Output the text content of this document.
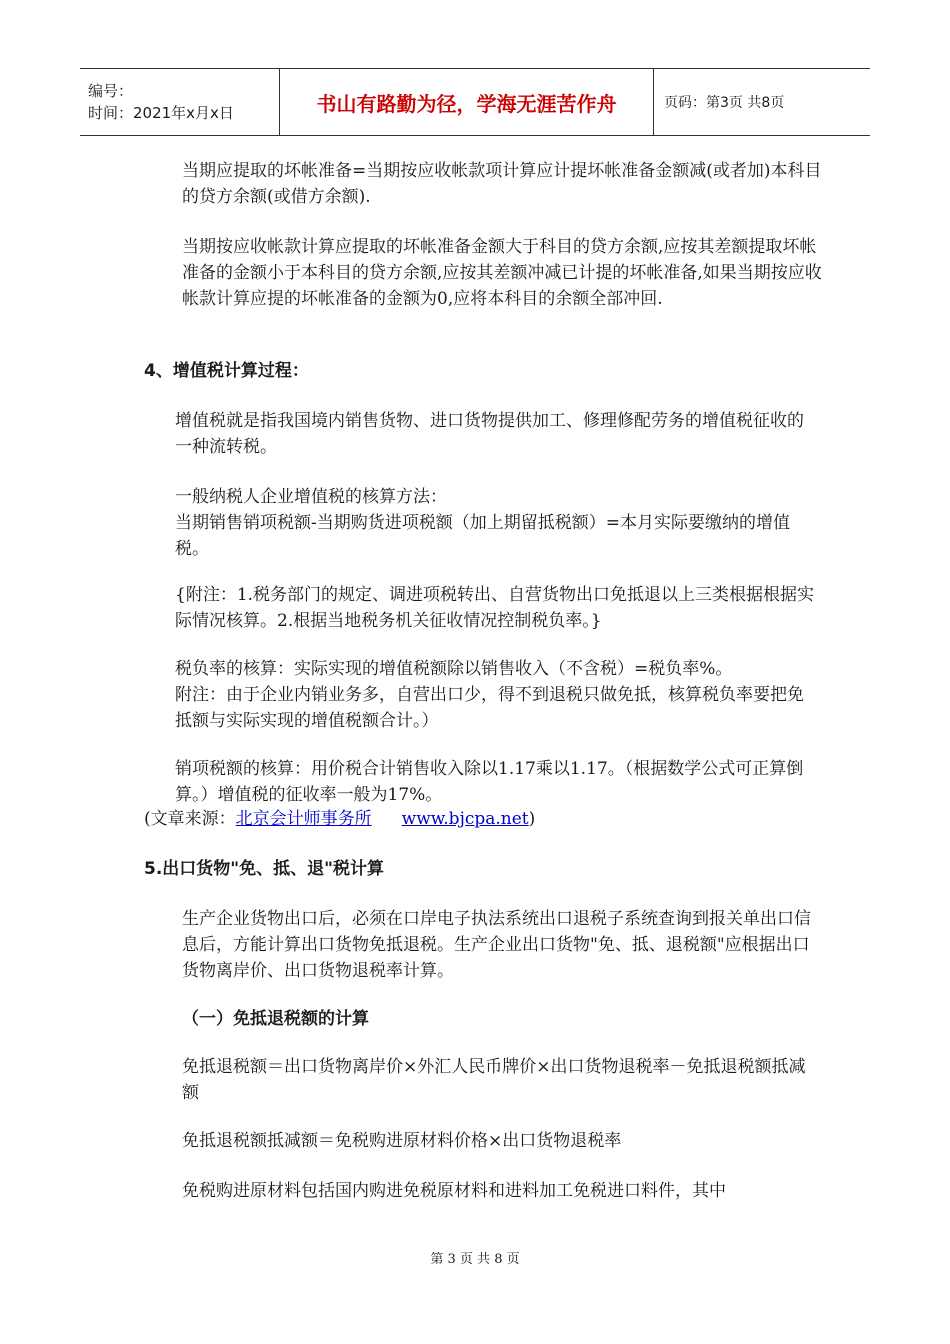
编号：
时间：2021年x月x日	书山有路勤为径，学海无涯苦作舟	页码：第3页 共8页

当期应提取的坏帐准备=当期按应收帐款项计算应计提坏帐准备金额减(或者加)本科目的贷方余额(或借方余额).

当期按应收帐款计算应提取的坏帐准备金额大于科目的贷方余额,应按其差额提取坏帐准备的金额小于本科目的贷方余额,应按其差额冲减已计提的坏帐准备,如果当期按应收帐款计算应提的坏帐准备的金额为0,应将本科目的余额全部冲回.

4、增值税计算过程：

增值税就是指我国境内销售货物、进口货物提供加工、修理修配劳务的增值税征收的一种流转税。

一般纳税人企业增值税的核算方法：

当期销售销项税额-当期购货进项税额（加上期留抵税额）=本月实际要缴纳的增值税。

{附注：1.税务部门的规定、调进项税转出、自营货物出口免抵退以上三类根据根据实际情况核算。2.根据当地税务机关征收情况控制税负率。}

税负率的核算：实际实现的增值税额除以销售收入（不含税）=税负率%。

附注：由于企业内销业务多，自营出口少，得不到退税只做免抵，核算税负率要把免抵额与实际实现的增值税额合计。）

销项税额的核算：用价税合计销售收入除以1.17乘以1.17。（根据数学公式可正算倒算。）增值税的征收率一般为17%。

(文章来源：北京会计师事务所 www.bjcpa.net)
5.出口货物"免、抵、退"税计算

生产企业货物出口后，必须在口岸电子执法系统出口退税子系统查询到报关单出口信息后，方能计算出口货物免抵退税。生产企业出口货物"免、抵、退税额"应根据出口货物离岸价、出口货物退税率计算。

（一）免抵退税额的计算

免抵退税额＝出口货物离岸价×外汇人民币牌价×出口货物退税率－免抵退税额抵减额

免抵退税额抵减额＝免税购进原材料价格×出口货物退税率

免税购进原材料包括国内购进免税原材料和进料加工免税进口料件，其中

第 3 页 共 8 页
